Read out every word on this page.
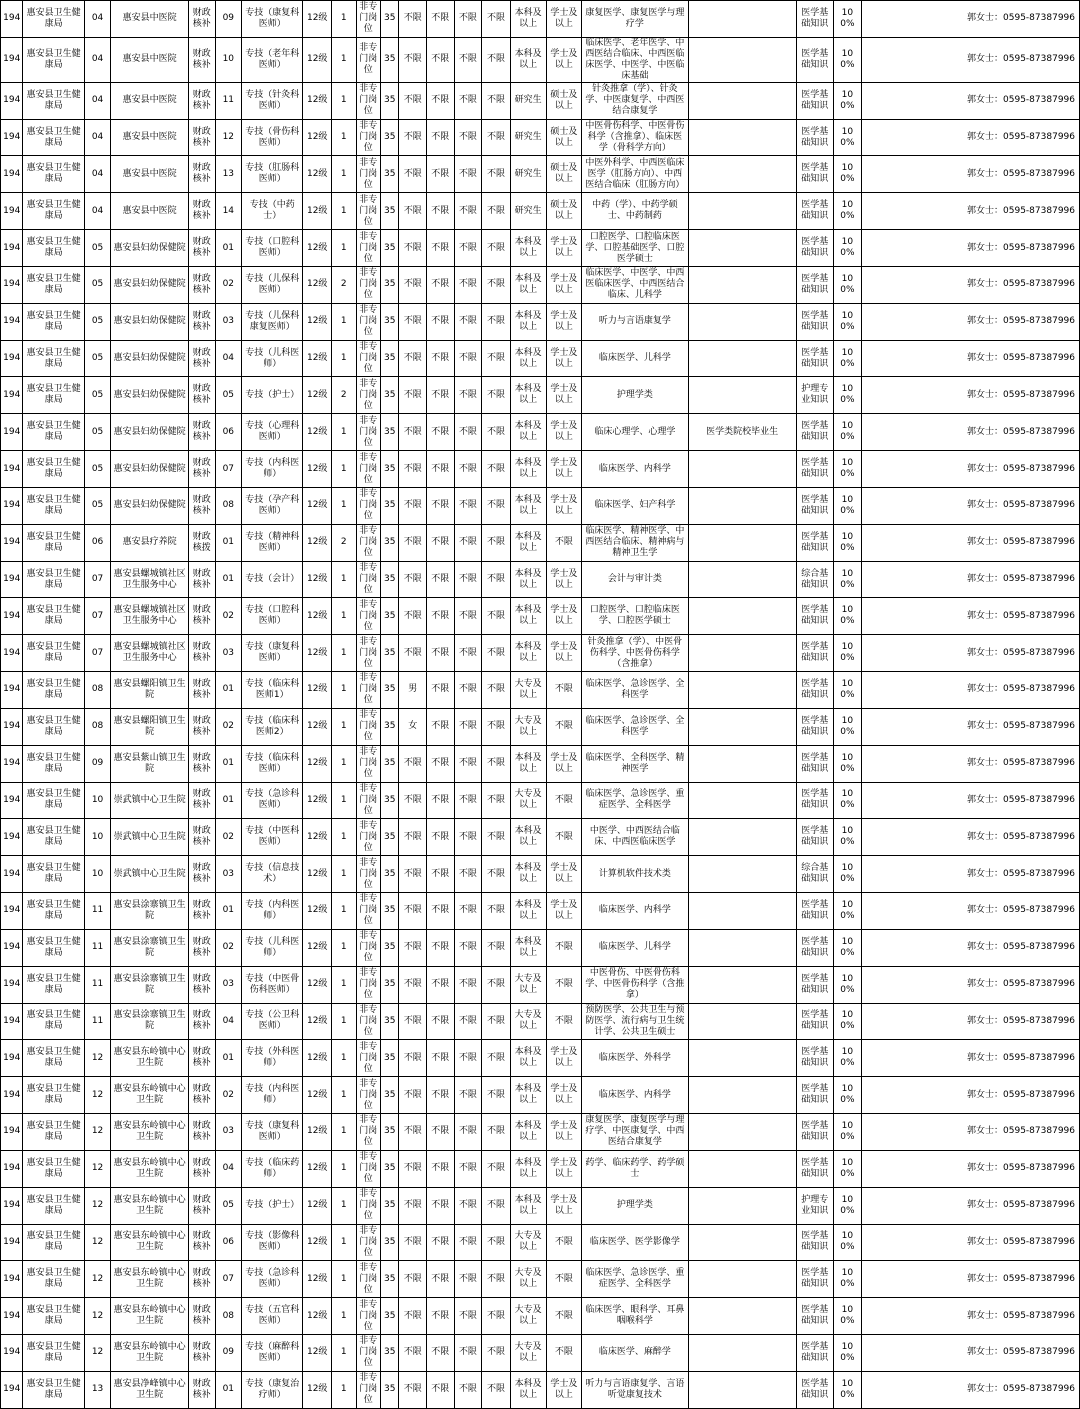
194	惠安县卫生健康局	04	惠安县中医院	财政核补	09	专技（康复科医师）	12级	1	非专门岗位	35	不限	不限	不限	不限	本科及以上	学士及以上	康复医学、康复医学与理疗学		医学基础知识	100%	郭女士：0595-87387996
194	惠安县卫生健康局	04	惠安县中医院	财政核补	10	专技（老年科医师）	12级	1	非专门岗位	35	不限	不限	不限	不限	本科及以上	学士及以上	临床医学、老年医学、中西医结合临床、中西医临床医学、中医学、中医临床基础		医学基础知识	100%	郭女士：0595-87387996
194	惠安县卫生健康局	04	惠安县中医院	财政核补	11	专技（针灸科医师）	12级	1	非专门岗位	35	不限	不限	不限	不限	研究生	硕士及以上	针灸推拿（学）、针灸学、中医康复学、中西医结合康复学		医学基础知识	100%	郭女士：0595-87387996
194	惠安县卫生健康局	04	惠安县中医院	财政核补	12	专技（骨伤科医师）	12级	1	非专门岗位	35	不限	不限	不限	不限	研究生	硕士及以上	中医骨伤科学、中医骨伤科学（含推拿）、临床医学（骨科学方向）		医学基础知识	100%	郭女士：0595-87387996
194	惠安县卫生健康局	04	惠安县中医院	财政核补	13	专技（肛肠科医师）	12级	1	非专门岗位	35	不限	不限	不限	不限	研究生	硕士及以上	中医外科学、中西医临床医学（肛肠方向）、中西医结合临床（肛肠方向）		医学基础知识	100%	郭女士：0595-87387996
194	惠安县卫生健康局	04	惠安县中医院	财政核补	14	专技（中药士）	12级	1	非专门岗位	35	不限	不限	不限	不限	研究生	硕士及以上	中药（学）、中药学硕士、中药制药		医学基础知识	100%	郭女士：0595-87387996
194	惠安县卫生健康局	05	惠安县妇幼保健院	财政核补	01	专技（口腔科医师）	12级	1	非专门岗位	35	不限	不限	不限	不限	本科及以上	学士及以上	口腔医学、口腔临床医学、口腔基础医学、口腔医学硕士		医学基础知识	100%	郭女士：0595-87387996
194	惠安县卫生健康局	05	惠安县妇幼保健院	财政核补	02	专技（儿保科医师）	12级	2	非专门岗位	35	不限	不限	不限	不限	本科及以上	学士及以上	临床医学、中医学、中西医临床医学、中西医结合临床、儿科学		医学基础知识	100%	郭女士：0595-87387996
194	惠安县卫生健康局	05	惠安县妇幼保健院	财政核补	03	专技（儿保科康复医师）	12级	1	非专门岗位	35	不限	不限	不限	不限	本科及以上	学士及以上	听力与言语康复学		医学基础知识	100%	郭女士：0595-87387996
194	惠安县卫生健康局	05	惠安县妇幼保健院	财政核补	04	专技（儿科医师）	12级	1	非专门岗位	35	不限	不限	不限	不限	本科及以上	学士及以上	临床医学、儿科学		医学基础知识	100%	郭女士：0595-87387996
194	惠安县卫生健康局	05	惠安县妇幼保健院	财政核补	05	专技（护士）	12级	2	非专门岗位	35	不限	不限	不限	不限	本科及以上	学士及以上	护理学类		护理专业知识	100%	郭女士：0595-87387996
194	惠安县卫生健康局	05	惠安县妇幼保健院	财政核补	06	专技（心理科医师）	12级	1	非专门岗位	35	不限	不限	不限	不限	本科及以上	学士及以上	临床心理学、心理学	医学类院校毕业生	医学基础知识	100%	郭女士：0595-87387996
194	惠安县卫生健康局	05	惠安县妇幼保健院	财政核补	07	专技（内科医师）	12级	1	非专门岗位	35	不限	不限	不限	不限	本科及以上	学士及以上	临床医学、内科学		医学基础知识	100%	郭女士：0595-87387996
194	惠安县卫生健康局	05	惠安县妇幼保健院	财政核补	08	专技（孕产科医师）	12级	1	非专门岗位	35	不限	不限	不限	不限	本科及以上	学士及以上	临床医学、妇产科学		医学基础知识	100%	郭女士：0595-87387996
194	惠安县卫生健康局	06	惠安县疗养院	财政核拨	01	专技（精神科医师）	12级	2	非专门岗位	35	不限	不限	不限	不限	本科及以上	不限	临床医学、精神医学、中西医结合临床、精神病与精神卫生学		医学基础知识	100%	郭女士：0595-87387996
194	惠安县卫生健康局	07	惠安县螺城镇社区卫生服务中心	财政核补	01	专技（会计）	12级	1	非专门岗位	35	不限	不限	不限	不限	本科及以上	学士及以上	会计与审计类		综合基础知识	100%	郭女士：0595-87387996
194	惠安县卫生健康局	07	惠安县螺城镇社区卫生服务中心	财政核补	02	专技（口腔科医师）	12级	1	非专门岗位	35	不限	不限	不限	不限	本科及以上	学士及以上	口腔医学、口腔临床医学、口腔医学硕士		医学基础知识	100%	郭女士：0595-87387996
194	惠安县卫生健康局	07	惠安县螺城镇社区卫生服务中心	财政核补	03	专技（康复科医师）	12级	1	非专门岗位	35	不限	不限	不限	不限	本科及以上	学士及以上	针灸推拿（学）、中医骨伤科学、中医骨伤科学（含推拿）		医学基础知识	100%	郭女士：0595-87387996
194	惠安县卫生健康局	08	惠安县螺阳镇卫生院	财政核补	01	专技（临床科医师1）	12级	1	非专门岗位	35	男	不限	不限	不限	大专及以上	不限	临床医学、急诊医学、全科医学		医学基础知识	100%	郭女士：0595-87387996
194	惠安县卫生健康局	08	惠安县螺阳镇卫生院	财政核补	02	专技（临床科医师2）	12级	1	非专门岗位	35	女	不限	不限	不限	大专及以上	不限	临床医学、急诊医学、全科医学		医学基础知识	100%	郭女士：0595-87387996
194	惠安县卫生健康局	09	惠安县紫山镇卫生院	财政核补	01	专技（临床科医师）	12级	1	非专门岗位	35	不限	不限	不限	不限	本科及以上	学士及以上	临床医学、全科医学、精神医学		医学基础知识	100%	郭女士：0595-87387996
194	惠安县卫生健康局	10	崇武镇中心卫生院	财政核补	01	专技（急诊科医师）	12级	1	非专门岗位	35	不限	不限	不限	不限	大专及以上	不限	临床医学、急诊医学、重症医学、全科医学		医学基础知识	100%	郭女士：0595-87387996
194	惠安县卫生健康局	10	崇武镇中心卫生院	财政核补	02	专技（中医科医师）	12级	1	非专门岗位	35	不限	不限	不限	不限	本科及以上	不限	中医学、中西医结合临床、中西医临床医学		医学基础知识	100%	郭女士：0595-87387996
194	惠安县卫生健康局	10	崇武镇中心卫生院	财政核补	03	专技（信息技术）	12级	1	非专门岗位	35	不限	不限	不限	不限	本科及以上	学士及以上	计算机软件技术类		综合基础知识	100%	郭女士：0595-87387996
194	惠安县卫生健康局	11	惠安县涂寨镇卫生院	财政核补	01	专技（内科医师）	12级	1	非专门岗位	35	不限	不限	不限	不限	本科及以上	学士及以上	临床医学、内科学		医学基础知识	100%	郭女士：0595-87387996
194	惠安县卫生健康局	11	惠安县涂寨镇卫生院	财政核补	02	专技（儿科医师）	12级	1	非专门岗位	35	不限	不限	不限	不限	本科及以上	不限	临床医学、儿科学		医学基础知识	100%	郭女士：0595-87387996
194	惠安县卫生健康局	11	惠安县涂寨镇卫生院	财政核补	03	专技（中医骨伤科医师）	12级	1	非专门岗位	35	不限	不限	不限	不限	大专及以上	不限	中医骨伤、中医骨伤科学、中医骨伤科学（含推拿）		医学基础知识	100%	郭女士：0595-87387996
194	惠安县卫生健康局	11	惠安县涂寨镇卫生院	财政核补	04	专技（公卫科医师）	12级	1	非专门岗位	35	不限	不限	不限	不限	大专及以上	不限	预防医学、公共卫生与预防医学、流行病与卫生统计学、公共卫生硕士		医学基础知识	100%	郭女士：0595-87387996
194	惠安县卫生健康局	12	惠安县东岭镇中心卫生院	财政核补	01	专技（外科医师）	12级	1	非专门岗位	35	不限	不限	不限	不限	本科及以上	学士及以上	临床医学、外科学		医学基础知识	100%	郭女士：0595-87387996
194	惠安县卫生健康局	12	惠安县东岭镇中心卫生院	财政核补	02	专技（内科医师）	12级	1	非专门岗位	35	不限	不限	不限	不限	本科及以上	学士及以上	临床医学、内科学		医学基础知识	100%	郭女士：0595-87387996
194	惠安县卫生健康局	12	惠安县东岭镇中心卫生院	财政核补	03	专技（康复科医师）	12级	1	非专门岗位	35	不限	不限	不限	不限	本科及以上	学士及以上	康复医学、康复医学与理疗学、中医康复学、中西医结合康复学		医学基础知识	100%	郭女士：0595-87387996
194	惠安县卫生健康局	12	惠安县东岭镇中心卫生院	财政核补	04	专技（临床药师）	12级	1	非专门岗位	35	不限	不限	不限	不限	本科及以上	学士及以上	药学、临床药学、药学硕士		医学基础知识	100%	郭女士：0595-87387996
194	惠安县卫生健康局	12	惠安县东岭镇中心卫生院	财政核补	05	专技（护士）	12级	1	非专门岗位	35	不限	不限	不限	不限	本科及以上	学士及以上	护理学类		护理专业知识	100%	郭女士：0595-87387996
194	惠安县卫生健康局	12	惠安县东岭镇中心卫生院	财政核补	06	专技（影像科医师）	12级	1	非专门岗位	35	不限	不限	不限	不限	大专及以上	不限	临床医学、医学影像学		医学基础知识	100%	郭女士：0595-87387996
194	惠安县卫生健康局	12	惠安县东岭镇中心卫生院	财政核补	07	专技（急诊科医师）	12级	1	非专门岗位	35	不限	不限	不限	不限	大专及以上	不限	临床医学、急诊医学、重症医学、全科医学		医学基础知识	100%	郭女士：0595-87387996
194	惠安县卫生健康局	12	惠安县东岭镇中心卫生院	财政核补	08	专技（五官科医师）	12级	1	非专门岗位	35	不限	不限	不限	不限	大专及以上	不限	临床医学、眼科学、耳鼻咽喉科学		医学基础知识	100%	郭女士：0595-87387996
194	惠安县卫生健康局	12	惠安县东岭镇中心卫生院	财政核补	09	专技（麻醉科医师）	12级	1	非专门岗位	35	不限	不限	不限	不限	大专及以上	不限	临床医学、麻醉学		医学基础知识	100%	郭女士：0595-87387996
194	惠安县卫生健康局	13	惠安县净峰镇中心卫生院	财政核补	01	专技（康复治疗师）	12级	1	非专门岗位	35	不限	不限	不限	不限	本科及以上	学士及以上	听力与言语康复学、言语听觉康复技术		医学基础知识	100%	郭女士：0595-87387996
